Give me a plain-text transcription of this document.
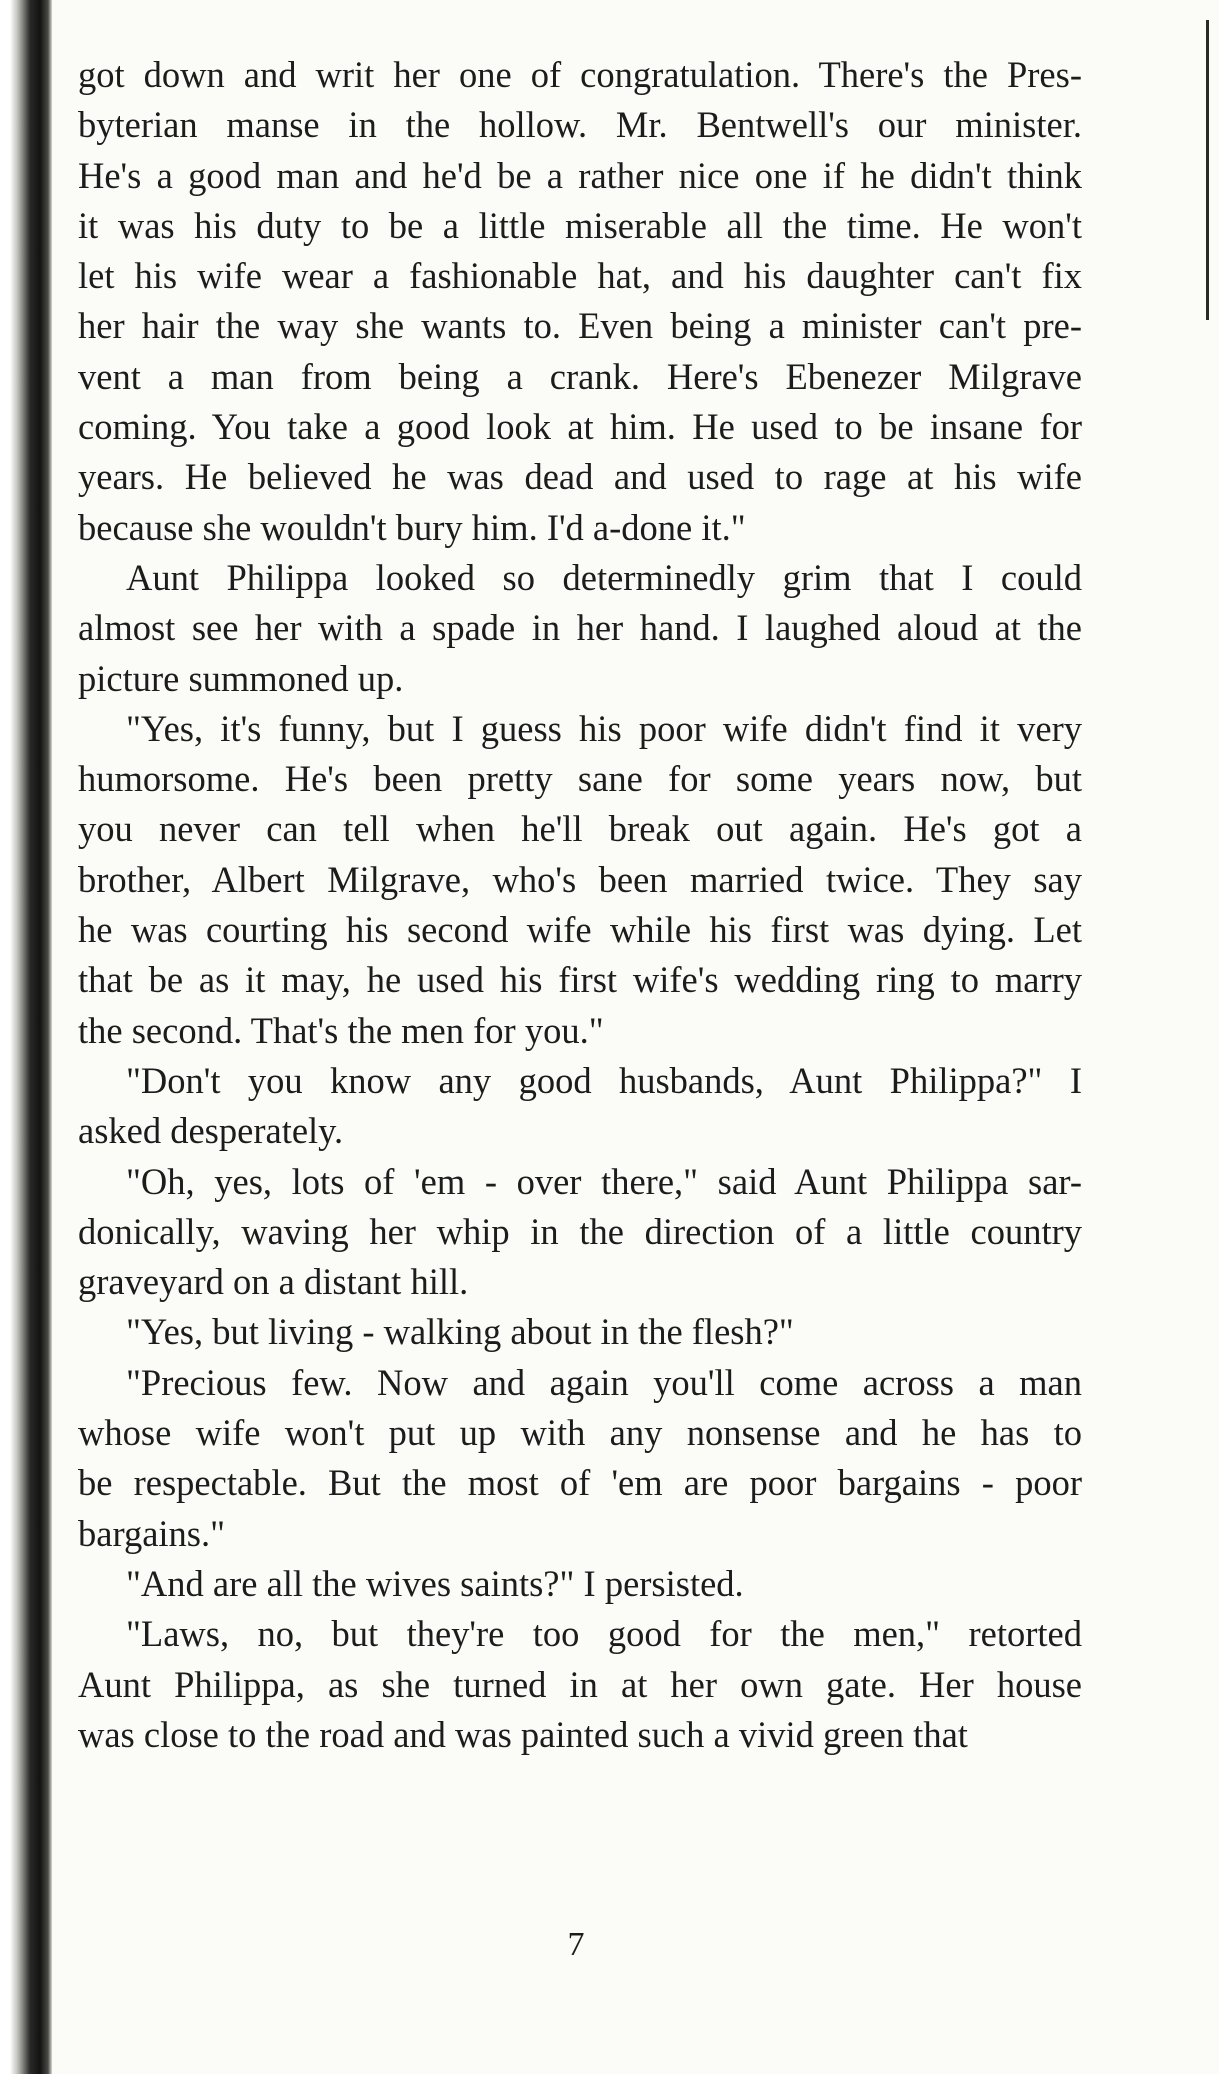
got down and writ her one of congratulation. There's the Pres-
byterian manse in the hollow. Mr. Bentwell's our minister.
He's a good man and he'd be a rather nice one if he didn't think
it was his duty to be a little miserable all the time. He won't
let his wife wear a fashionable hat, and his daughter can't fix
her hair the way she wants to. Even being a minister can't pre-
vent a man from being a crank. Here's Ebenezer Milgrave
coming. You take a good look at him. He used to be insane for
years. He believed he was dead and used to rage at his wife
because she wouldn't bury him. I'd a-done it."
Aunt Philippa looked so determinedly grim that I could
almost see her with a spade in her hand. I laughed aloud at the
picture summoned up.
"Yes, it's funny, but I guess his poor wife didn't find it very
humorsome. He's been pretty sane for some years now, but
you never can tell when he'll break out again. He's got a
brother, Albert Milgrave, who's been married twice. They say
he was courting his second wife while his first was dying. Let
that be as it may, he used his first wife's wedding ring to marry
the second. That's the men for you."
"Don't you know any good husbands, Aunt Philippa?" I
asked desperately.
"Oh, yes, lots of 'em - over there," said Aunt Philippa sar-
donically, waving her whip in the direction of a little country
graveyard on a distant hill.
"Yes, but living - walking about in the flesh?"
"Precious few. Now and again you'll come across a man
whose wife won't put up with any nonsense and he has to
be respectable. But the most of 'em are poor bargains - poor
bargains."
"And are all the wives saints?" I persisted.
"Laws, no, but they're too good for the men," retorted
Aunt Philippa, as she turned in at her own gate. Her house
was close to the road and was painted such a vivid green that
7
